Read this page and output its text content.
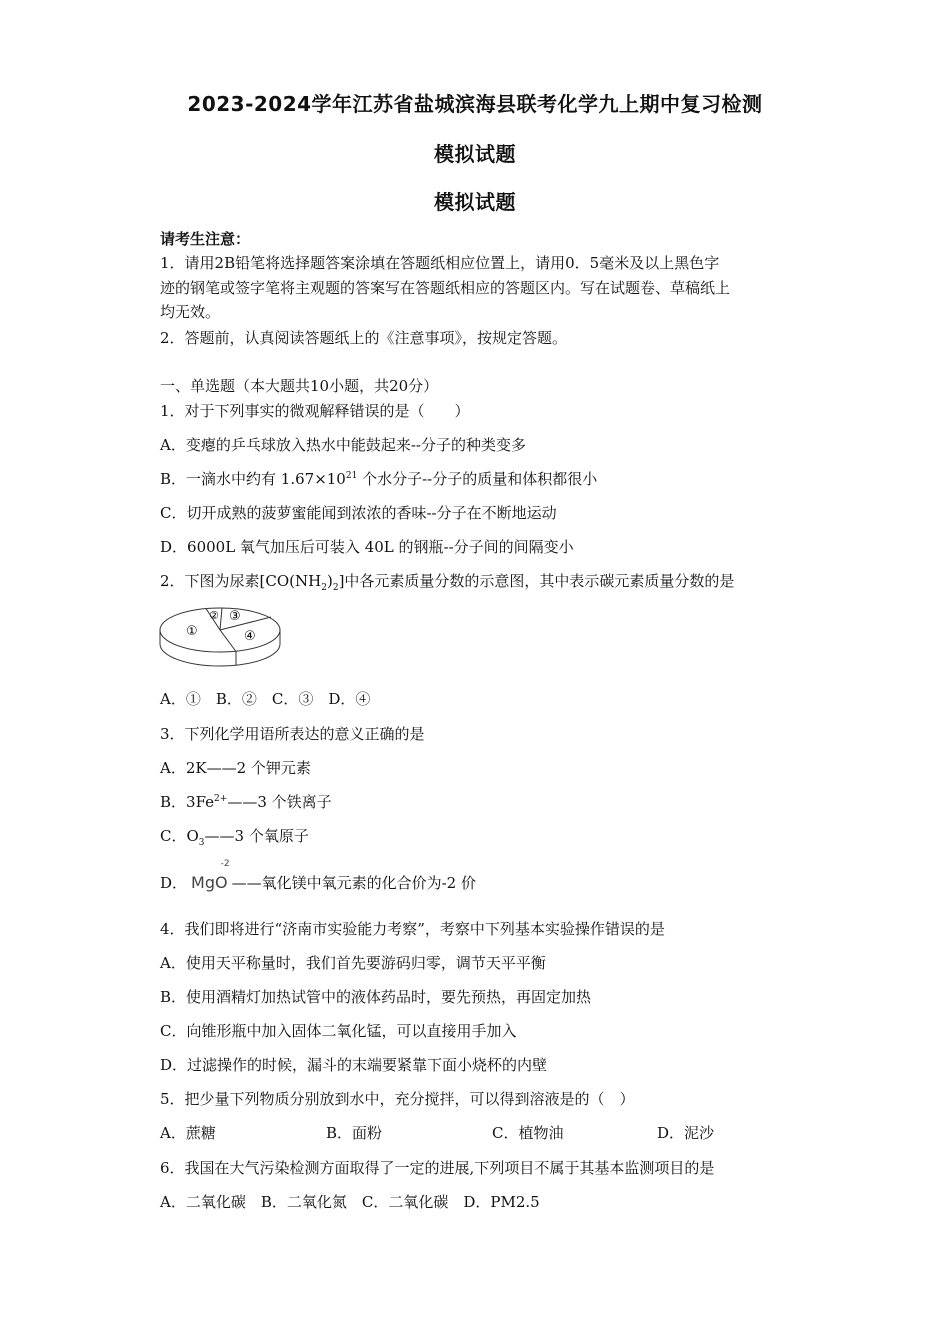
2023-2024学年江苏省盐城滨海县联考化学九上期中复习检测
模拟试题
模拟试题
请考生注意：
1．请用2B铅笔将选择题答案涂填在答题纸相应位置上，请用0．5毫米及以上黑色字
迹的钢笔或签字笔将主观题的答案写在答题纸相应的答题区内。写在试题卷、草稿纸上
均无效。
2．答题前，认真阅读答题纸上的《注意事项》，按规定答题。
一、单选题（本大题共10小题，共20分）
1．对于下列事实的微观解释错误的是（　　）
A．变瘪的乒乓球放入热水中能鼓起来--分子的种类变多
B．一滴水中约有 $1.67\times 10^{21}$ 个水分子--分子的质量和体积都很小
C．切开成熟的菠萝蜜能闻到浓浓的香味--分子在不断地运动
D．6000L 氧气加压后可装入 40L 的钢瓶--分子间的间隔变小
2．下图为尿素$[CO(NH_2)_2]$中各元素质量分数的示意图，其中表示碳元素质量分数的是
①
② ③
④
A．①　B．②　C．③　D．④
3．下列化学用语所表达的意义正确的是
A．2K——2 个钾元素
B．$3Fe^{2+}——3$ 个铁离子
C．$O_3——3$ 个氧原子
D． MgO
-2
——氧化镁中氧元素的化合价为-2 价
4．我们即将进行“济南市实验能力考察”，考察中下列基本实验操作错误的是
A．使用天平称量时，我们首先要游码归零，调节天平平衡
B．使用酒精灯加热试管中的液体药品时，要先预热，再固定加热
C．向锥形瓶中加入固体二氧化锰，可以直接用手加入
D．过滤操作的时候，漏斗的末端要紧靠下面小烧杯的内壁
5．把少量下列物质分别放到水中，充分搅拌，可以得到溶液是的（　）
A．蔗糖	B．面粉	C．植物油	D．泥沙
6．我国在大气污染检测方面取得了一定的进展,下列项目不属于其基本监测项目的是
A．二氧化碳　B．二氧化氮　C．二氧化碳　D．PM2.5
